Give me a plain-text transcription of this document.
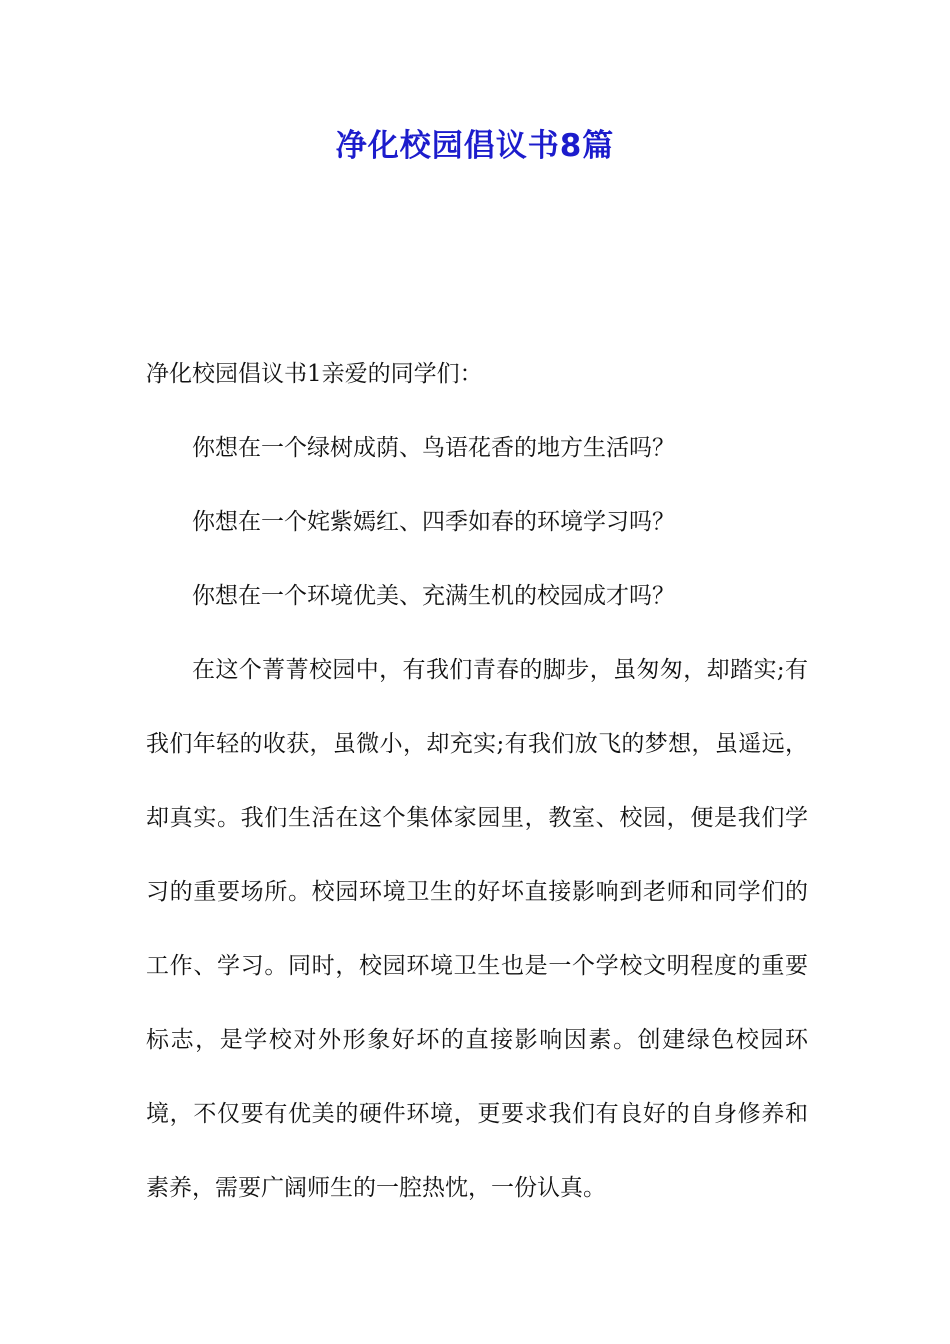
净化校园倡议书8篇

净化校园倡议书1亲爱的同学们：

你想在一个绿树成荫、鸟语花香的地方生活吗？

你想在一个姹紫嫣红、四季如春的环境学习吗？

你想在一个环境优美、充满生机的校园成才吗？

在这个菁菁校园中，有我们青春的脚步，虽匆匆，却踏实;有我们年轻的收获，虽微小，却充实;有我们放飞的梦想，虽遥远，却真实。我们生活在这个集体家园里，教室、校园，便是我们学习的重要场所。校园环境卫生的好坏直接影响到老师和同学们的工作、学习。同时，校园环境卫生也是一个学校文明程度的重要标志，是学校对外形象好坏的直接影响因素。创建绿色校园环境，不仅要有优美的硬件环境，更要求我们有良好的自身修养和素养，需要广阔师生的一腔热忱，一份认真。
